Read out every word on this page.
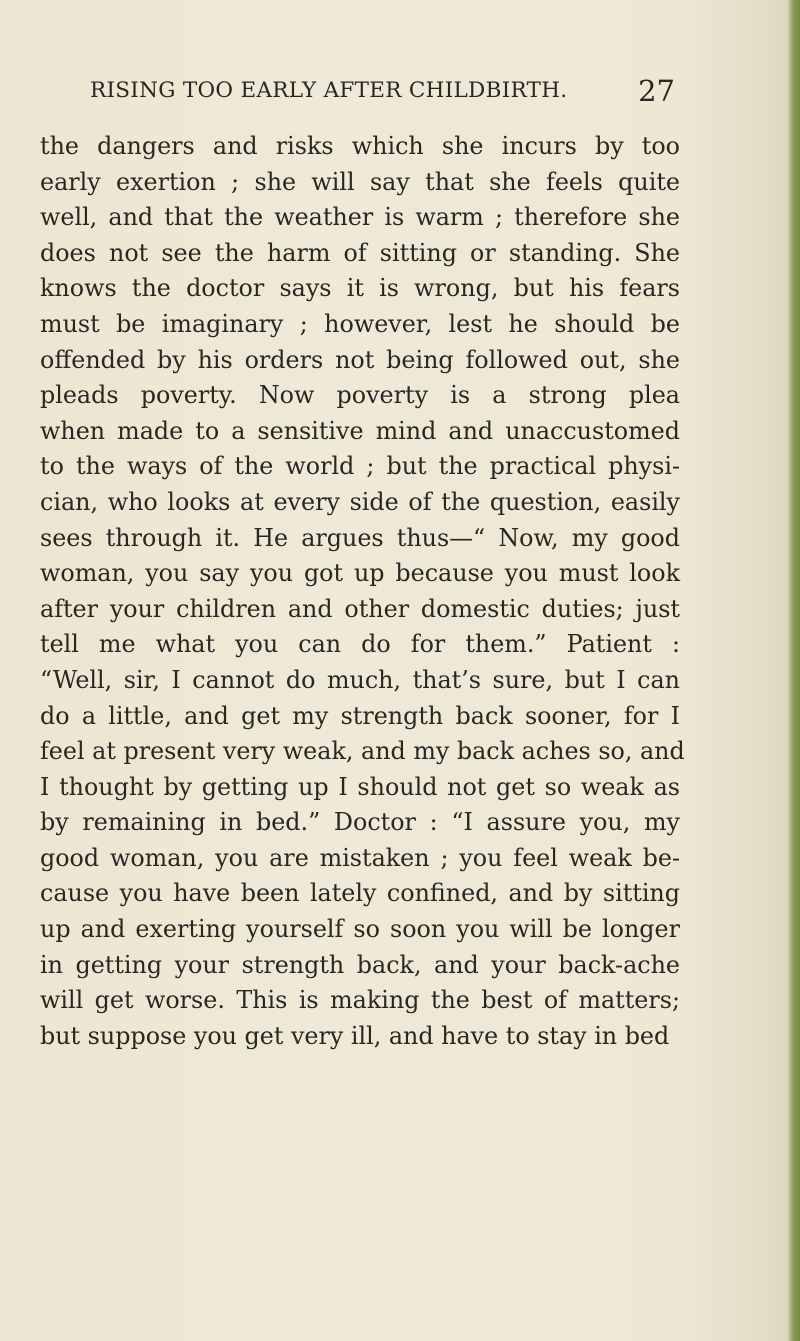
RISING TOO EARLY AFTER CHILDBIRTH. 27
the dangers and risks which she incurs by too
early exertion ; she will say that she feels quite
well, and that the weather is warm ; therefore she
does not see the harm of sitting or standing. She
knows the doctor says it is wrong, but his fears
must be imaginary ; however, lest he should be
offended by his orders not being followed out, she
pleads poverty. Now poverty is a strong plea
when made to a sensitive mind and unaccustomed
to the ways of the world ; but the practical physi-
cian, who looks at every side of the question, easily
sees through it. He argues thus—“ Now, my good
woman, you say you got up because you must look
after your children and other domestic duties; just
tell me what you can do for them.” Patient :
“Well, sir, I cannot do much, that’s sure, but I can
do a little, and get my strength back sooner, for I
feel at present very weak, and my back aches so, and
I thought by getting up I should not get so weak as
by remaining in bed.” Doctor : “I assure you, my
good woman, you are mistaken ; you feel weak be-
cause you have been lately confined, and by sitting
up and exerting yourself so soon you will be longer
in getting your strength back, and your back-ache
will get worse. This is making the best of matters;
but suppose you get very ill, and have to stay in bed
